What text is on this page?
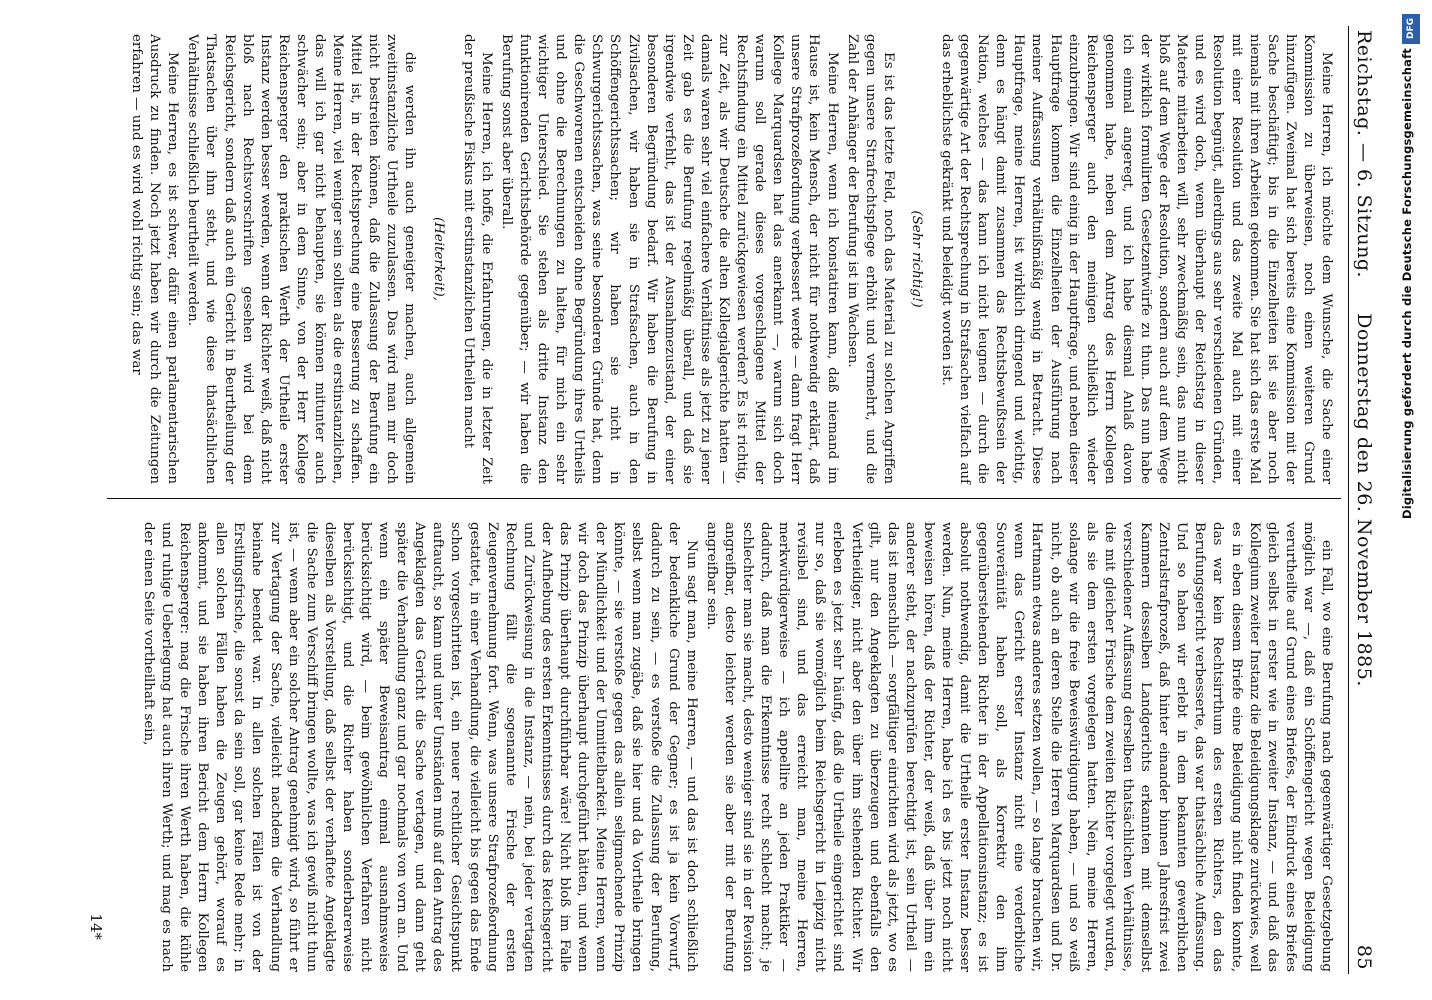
Reichstag. — 6. Sitzung.
Donnerstag den 26. November 1885.
85

Meine Herren, ich möchte dem Wunsche, die Sache einer Kommission zu überweisen, noch einen weiteren Grund hinzufügen. Zweimal hat sich bereits eine Kommission mit der Sache beschäftigt; bis in die Einzelheiten ist sie aber noch niemals mit ihren Arbeiten gekommen. Sie hat sich das erste Mal mit einer Resolution und das zweite Mal auch mit einer Resolution begnügt, allerdings aus sehr verschiedenen Gründen, und es wird doch, wenn überhaupt der Reichstag in dieser Materie mitarbeiten will, sehr zweckmäßig sein, das nun nicht bloß auf dem Wege der Resolution, sondern auch auf dem Wege der wirklich formulirten Gesetzentwürfe zu thun. Das nun habe ich einmal angeregt, und ich habe diesmal Anlaß davon genommen habe, neben dem Antrag des Herrn Kollegen Reichensperger auch den meinigen schließlich wieder einzubringen. Wir sind einig in der Hauptfrage, und neben dieser Hauptfrage kommen die Einzelheiten der Ausführung nach meiner Auffassung verhältnißmäßig wenig in Betracht. Diese Hauptfrage, meine Herren, ist wirklich dringend und wichtig, denn es hängt damit zusammen das Rechtsbewußtsein der Nation, welches — das kann ich nicht leugnen — durch die gegenwärtige Art der Rechtsprechung in Strafsachen vielfach auf das erheblichste gekränkt und beleidigt worden ist.

(Sehr richtig!)

Es ist das letzte Feld, noch das Material zu solchen Angriffen gegen unsere Strafrechtspflege erhöht und vermehrt, und die Zahl der Anhänger der Berufung ist im Wachsen.

Meine Herren, wenn ich konstatiren kann, daß niemand im Hause ist, kein Mensch, der nicht für nothwendig erklärt, daß unsere Strafprozeßordnung verbessert werde — dann fragt Herr Kollege Marquardsen hat das anerkannt —, warum sich doch warum soll gerade dieses vorgeschlagene Mittel der Rechtsfindung ein Mittel zurückgewiesen werden? Es ist richtig, zur Zeit, als wir Deutsche die alten Kollegialgerichte hatten — damals waren sehr viel einfachere Verhältnisse als jetzt zu jener Zeit gab es die Berufung regelmäßig überall, und daß sie irgendwie verfehlt, das ist der Ausnahmezustand, der einer besonderen Begründung bedarf. Wir haben die Berufung in Zivilsachen, wir haben sie in Strafsachen, auch in den Schöffengerichtssachen; wir haben sie nicht in Schwurgerichtssachen, was seine besonderen Gründe hat, denn die Geschworenen entscheiden ohne Begründung ihres Urtheils und ohne die Berechnungen zu halten, für mich ein sehr wichtiger Unterschied. Sie stehen als dritte Instanz den funktionirenden Gerichtsbehörde gegenüber; — wir haben die Berufung sonst aber überall.

Meine Herren, ich hoffe, die Erfahrungen, die in letzter Zeit der preußische Fiskus mit erstinstanzlichen Urtheilen macht

(Heiterkeit),

die werden ihn auch geneigter machen, auch allgemein zweitinstanzliche Urtheile zuzulassen. Das wird man mir doch nicht bestreiten können, daß die Zulassung der Berufung ein Mittel ist, in der Rechtsprechung eine Besserung zu schaffen. Meine Herren, viel weniger sein sollten als die erstinstanzlichen, das will ich gar nicht behaupten, sie können mitunter auch schwächer sein; aber in dem Sinne, von der Herr Kollege Reichensperger den praktischen Werth der Urtheile erster Instanz werden besser werden, wenn der Richter weiß, daß nicht bloß nach Rechtsvorschriften gesehen wird bei dem Reichsgericht, sondern daß auch ein Gericht in Beurtheilung der Thatsachen über ihm steht, und wie diese thatsächlichen Verhältnisse schließlich beurtheilt werden.

Meine Herren, es ist schwer, dafür einen parlamentarischen Ausdruck zu finden. Noch jetzt haben wir durch die Zeitungen erfahren — und es wird wohl richtig sein; das war

ein Fall, wo eine Berufung nach gegenwärtiger Gesetzgebung möglich war —, daß ein Schöffengericht wegen Beleidigung verurtheilte auf Grund eines Briefes, der Eindruck eines Briefes gleich selbst in erster wie in zweiter Instanz, — und daß das Kollegium zweiter Instanz die Beleidigungsklage zurückwies, weil es in eben diesem Briefe eine Beleidigung nicht finden konnte, das war kein Rechtsirrthum des ersten Richters, den das Berufungsgericht verbesserte, das war thatsächliche Auffassung. Und so haben wir erlebt in dem bekannten gewerblichen Zentralstrafprozeß, daß hinter einander binnen Jahresfrist zwei Kammern desselben Landgerichts erkannten mit demselbst verschiedener Auffassung derselben thatsächlichen Verhältnisse, die mit gleicher Frische dem zweiten Richter vorgelegt wurden, als sie dem ersten vorgelegen hatten. Nein, meine Herren, solange wir die freie Beweiswürdigung haben, — und so weiß nicht, ob auch an deren Stelle die Herren Marquardsen und Dr. Hartmann etwas anderes setzen wollen, — so lange brauchen wir, wenn das Gericht erster Instanz nicht eine verderbliche Souveränität haben soll, als Korrektiv den ihm gegenüberstehenden Richter in der Appellationsinstanz; es ist absolut nothwendig, damit die Urtheile erster Instanz besser werden. Nun, meine Herren, habe ich es bis jetzt noch nicht beweisen hören, daß der Richter, der weiß, daß über ihm ein anderer steht, der nachzuprüfen berechtigt ist, sein Urtheil — das ist menschlich — sorgfältiger einrichten wird als jetzt, wo es gilt, nur den Angeklagten zu überzeugen und ebenfalls den Vertheidiger, nicht aber den über ihm stehenden Richter. Wir erleben es jetzt sehr häufig, daß die Urtheile eingerichtet sind nur so, daß sie womöglich beim Reichsgericht in Leipzig nicht revisibel sind, und das erreicht man, meine Herren, merkwürdigerweise — ich appellire an jeden Praktiker — dadurch, daß man die Erkenntnisse recht schlecht macht; je schlechter man sie macht, desto weniger sind sie in der Revision angreifbar, desto leichter werden sie aber mit der Berufung angreifbar sein.

Nun sagt man, meine Herren, — und das ist doch schließlich der bedenkliche Grund der Gegner; es ist ja kein Vorwurf, dadurch zu sein, — es verstoße die Zulassung der Berufung, selbst wenn man zugäbe, daß sie hier und da Vortheile bringen könnte, — sie verstoße gegen das allein seligmachende Prinzip der Mündlichkeit und der Unmittelbarkeit. Meine Herren, wenn wir doch das Prinzip überhaupt durchgeführt hätten, und wenn das Prinzip überhaupt durchführbar wäre! Nicht bloß im Falle der Aufhebung des ersten Erkenntnisses durch das Reichsgericht und Zurückweisung in die Instanz, — nein, bei jeder vertagten Rechnung fällt die sogenannte Frische der ersten Zeugenvernehmung fort. Wenn, was unsere Strafprozeßordnung gestattet, in einer Verhandlung, die vielleicht bis gegen das Ende schon vorgeschritten ist, ein neuer rechtlicher Gesichtspunkt auftaucht, so kann und unter Umständen muß auf den Antrag des Angeklagten das Gericht die Sache vertagen, und dann geht später die Verhandlung ganz und gar nochmals von vorn an. Und wenn ein später Beweisantrag einmal ausnahmsweise berücksichtigt wird, — beim gewöhnlichen Verfahren nicht berücksichtigt, und die Richter haben sonderbarerweise dieselben als Vorstellung, daß selbst der verhaftete Angeklagte die Sache zum Verschiff bringen wollte, was ich gewiß nicht thun ist, — wenn aber ein solcher Antrag genehmigt wird, so führt er zur Vertagung der Sache, vielleicht nachdem die Verhandlung beinahe beendet war. In allen solchen Fällen ist von der Erstlingsfrische, die sonst da sein soll, gar keine Rede mehr; in allen solchen Fällen haben die Zeugen gehört, worauf es ankommt, und sie haben ihren Bericht dem Herrn Kollegen Reichensperger: mag die Frische ihren Werth haben, die kühle und ruhige Ueberlegung hat auch ihren Werth; und mag es nach der einen Seite vortheilhaft sein,

14*
DFG
Digitalisierung gefördert durch die Deutsche Forschungsgemeinschaft
